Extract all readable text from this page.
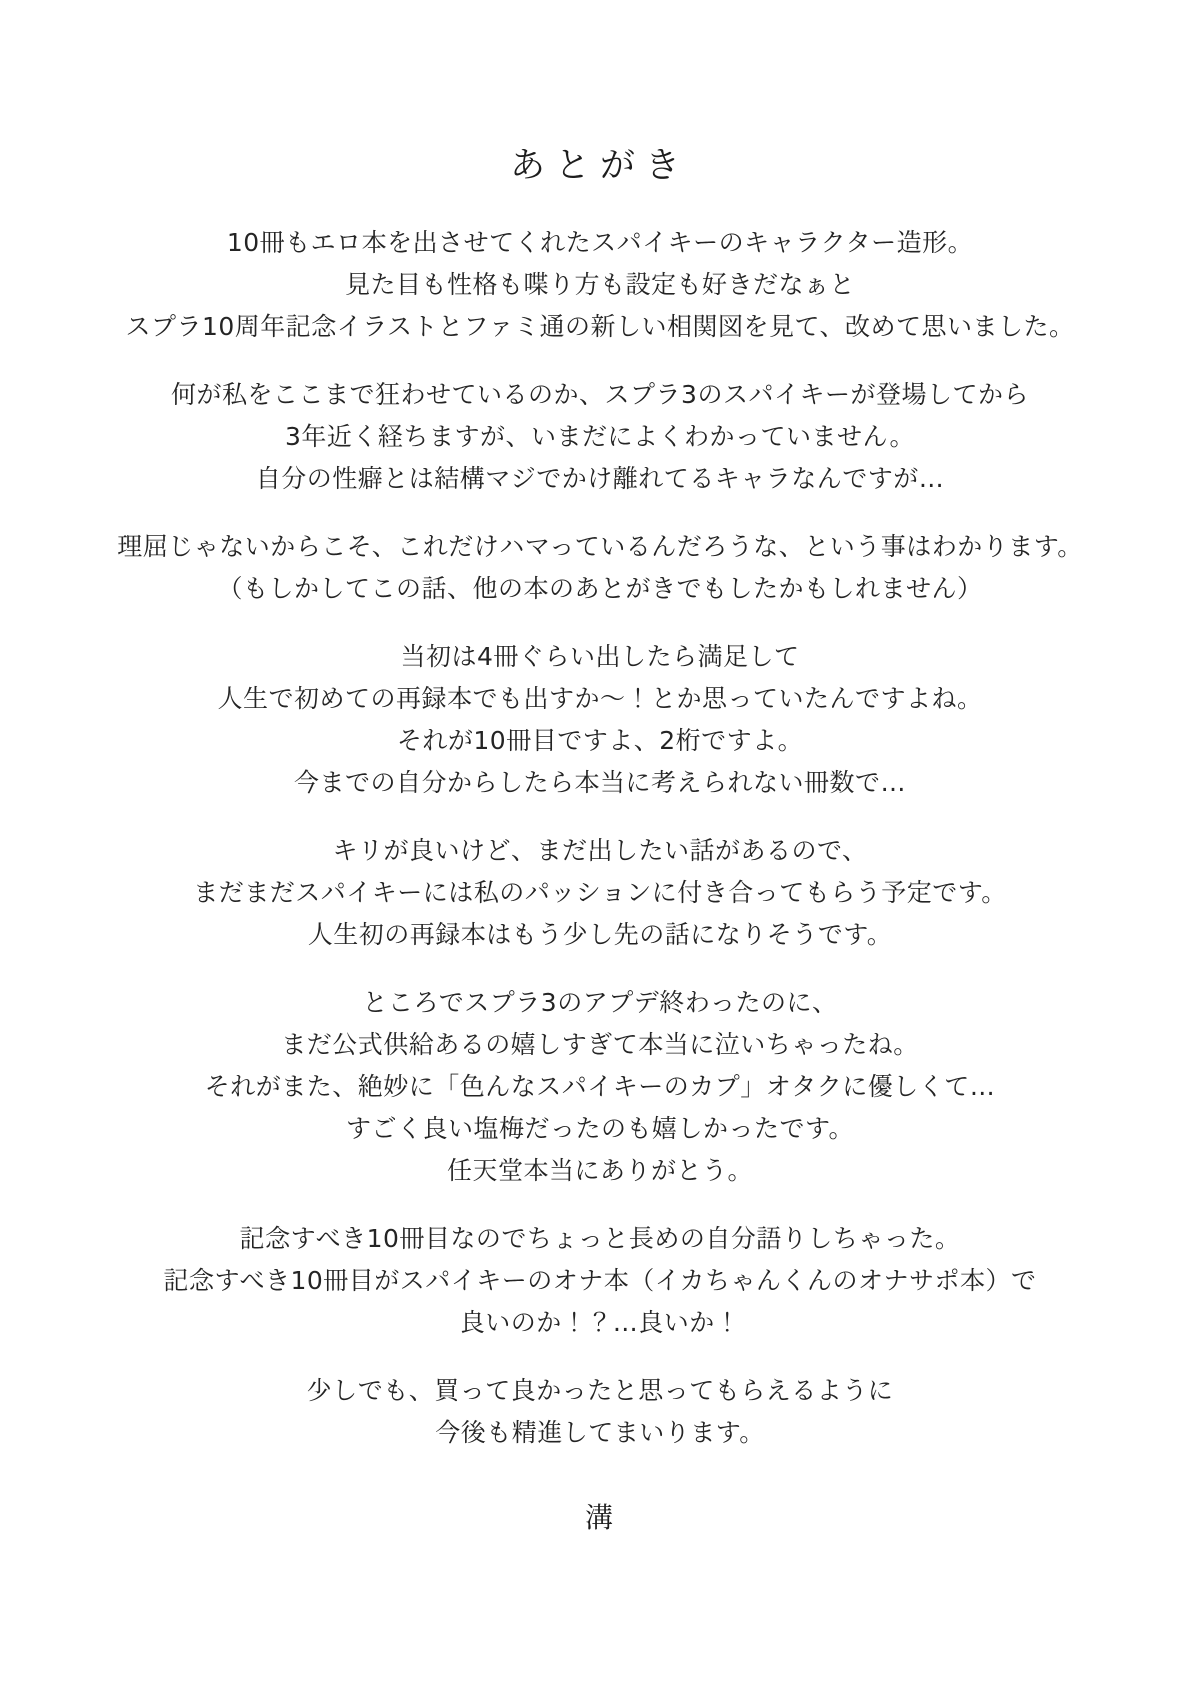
あとがき

10冊もエロ本を出させてくれたスパイキーのキャラクター造形。

見た目も性格も喋り方も設定も好きだなぁと

スプラ10周年記念イラストとファミ通の新しい相関図を見て、改めて思いました。

何が私をここまで狂わせているのか、スプラ3のスパイキーが登場してから

3年近く経ちますが、いまだによくわかっていません。

自分の性癖とは結構マジでかけ離れてるキャラなんですが…

理屈じゃないからこそ、これだけハマっているんだろうな、という事はわかります。

（もしかしてこの話、他の本のあとがきでもしたかもしれません）

当初は4冊ぐらい出したら満足して

人生で初めての再録本でも出すか～！とか思っていたんですよね。

それが10冊目ですよ、2桁ですよ。

今までの自分からしたら本当に考えられない冊数で…

キリが良いけど、まだ出したい話があるので、

まだまだスパイキーには私のパッションに付き合ってもらう予定です。

人生初の再録本はもう少し先の話になりそうです。

ところでスプラ3のアプデ終わったのに、

まだ公式供給あるの嬉しすぎて本当に泣いちゃったね。

それがまた、絶妙に「色んなスパイキーのカプ」オタクに優しくて…

すごく良い塩梅だったのも嬉しかったです。

任天堂本当にありがとう。

記念すべき10冊目なのでちょっと長めの自分語りしちゃった。

記念すべき10冊目がスパイキーのオナ本（イカちゃんくんのオナサポ本）で

良いのか！？…良いか！

少しでも、買って良かったと思ってもらえるように

今後も精進してまいります。

溝
